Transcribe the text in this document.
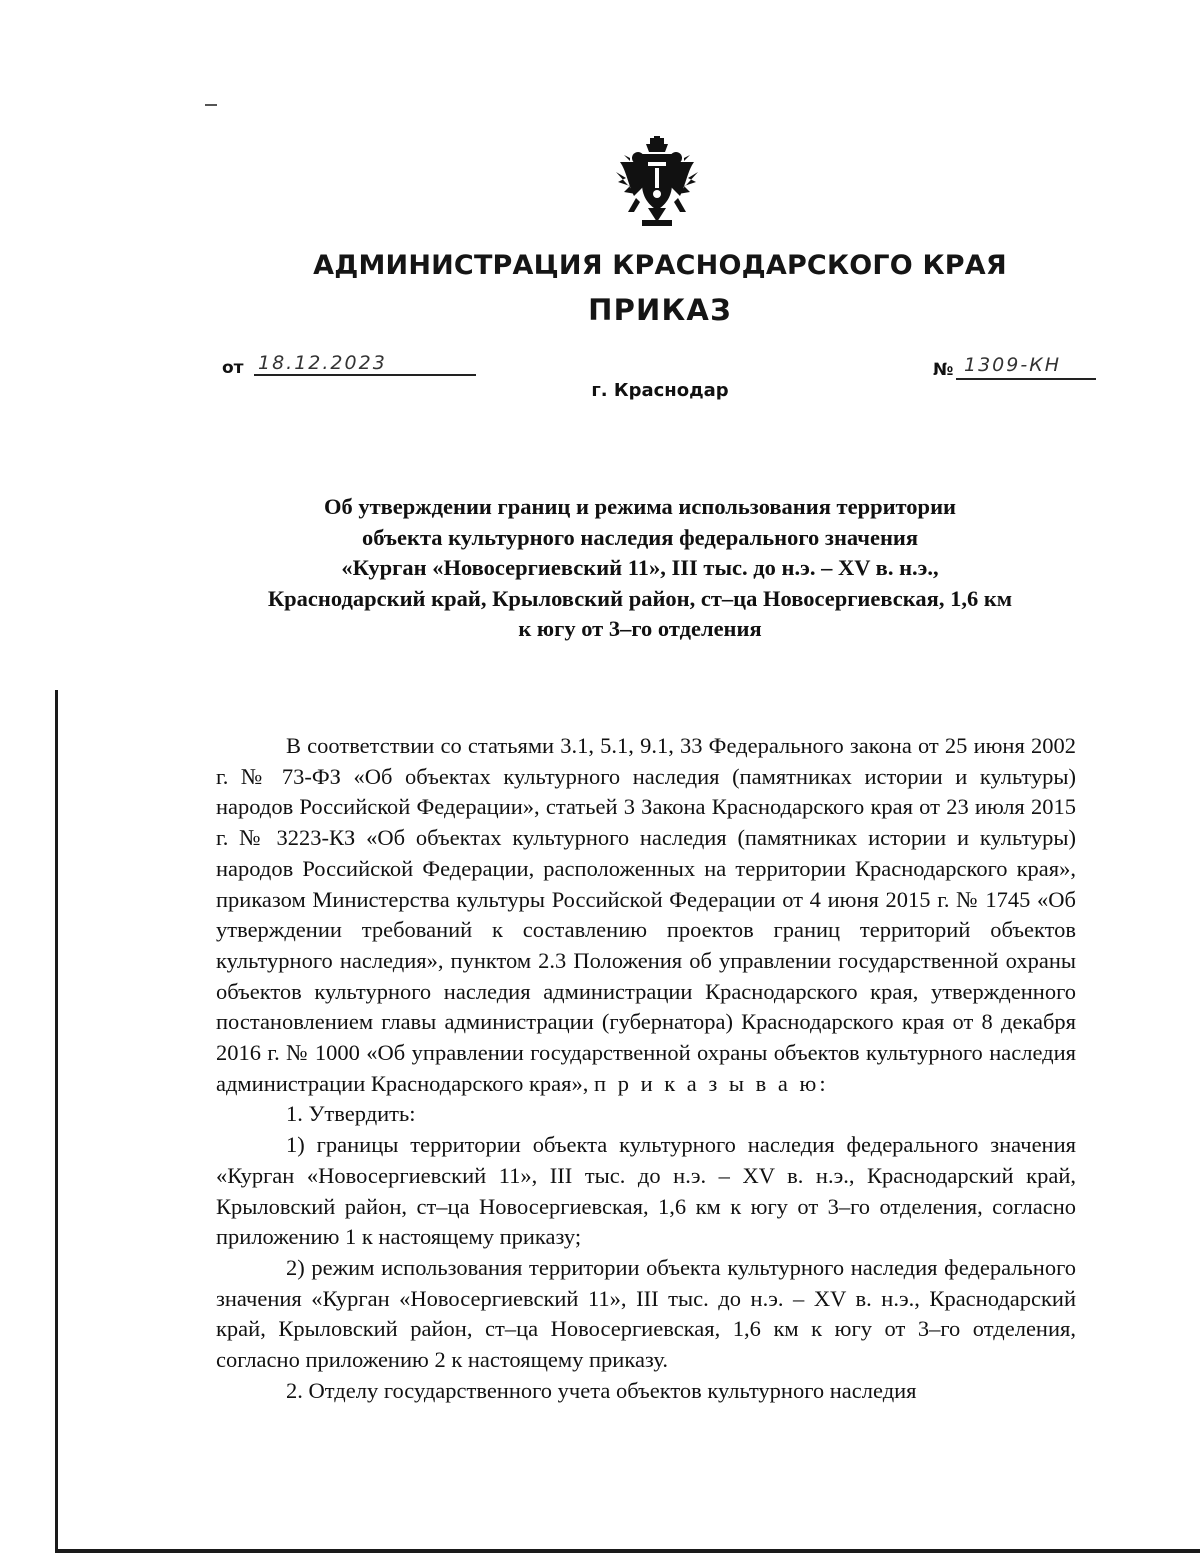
АДМИНИСТРАЦИЯ КРАСНОДАРСКОГО КРАЯ
ПРИКАЗ
от 18.12.2023	№ 1309-КН
г. Краснодар
Об утверждении границ и режима использования территории
объекта культурного наследия федерального значения
«Курган «Новосергиевский 11», III тыс. до н.э. – XV в. н.э.,
Краснодарский край, Крыловский район, ст–ца Новосергиевская, 1,6 км
к югу от 3–го отделения

В соответствии со статьями 3.1, 5.1, 9.1, 33 Федерального закона от 25 июня 2002 г. № 73-ФЗ «Об объектах культурного наследия (памятниках истории и культуры) народов Российской Федерации», статьей 3 Закона Краснодарского края от 23 июля 2015 г. № 3223-КЗ «Об объектах культурного наследия (памятниках истории и культуры) народов Российской Федерации, расположенных на территории Краснодарского края», приказом Министерства культуры Российской Федерации от 4 июня 2015 г. № 1745 «Об утверждении требований к составлению проектов границ территорий объектов культурного наследия», пунктом 2.3 Положения об управлении государственной охраны объектов культурного наследия администрации Краснодарского края, утвержденного постановлением главы администрации (губернатора) Краснодарского края от 8 декабря 2016 г. № 1000 «Об управлении государственной охраны объектов культурного наследия администрации Краснодарского края», п р и к а з ы в а ю:

1. Утвердить:

1) границы территории объекта культурного наследия федерального значения «Курган «Новосергиевский 11», III тыс. до н.э. – XV в. н.э., Краснодарский край, Крыловский район, ст–ца Новосергиевская, 1,6 км к югу от 3–го отделения, согласно приложению 1 к настоящему приказу;

2) режим использования территории объекта культурного наследия федерального значения «Курган «Новосергиевский 11», III тыс. до н.э. – XV в. н.э., Краснодарский край, Крыловский район, ст–ца Новосергиевская, 1,6 км к югу от 3–го отделения, согласно приложению 2 к настоящему приказу.

2. Отделу государственного учета объектов культурного наследия
